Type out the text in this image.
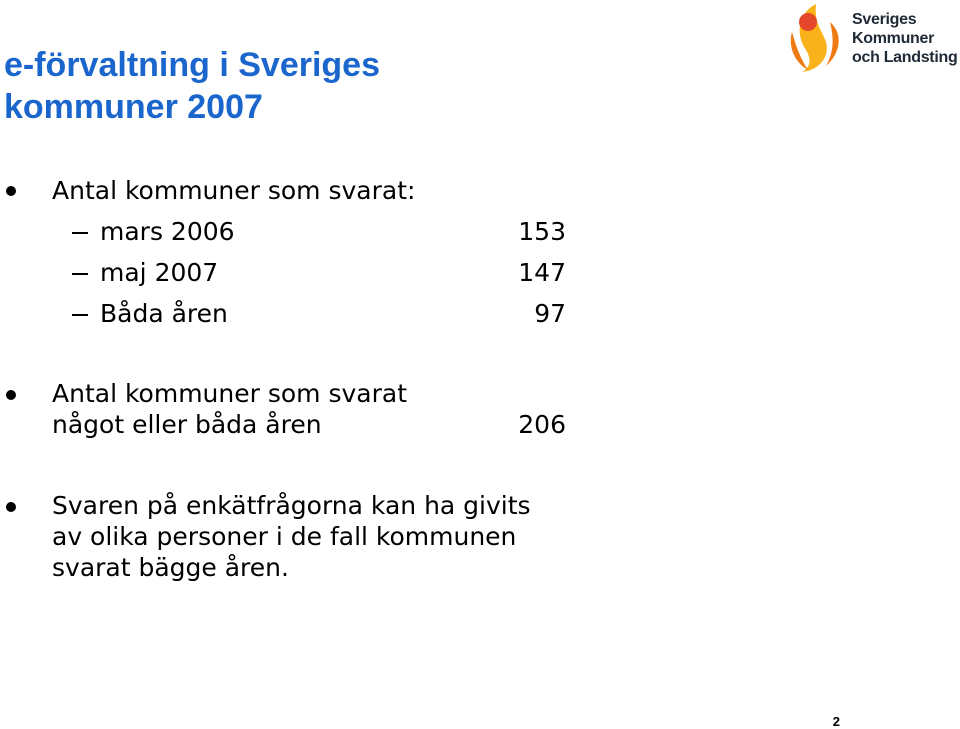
e-förvaltning i Sveriges
kommuner 2007
Sveriges
Kommuner
och Landsting
Antal kommuner som svarat:
mars 2006	153
maj 2007	147
Båda åren	97
Antal kommuner som svarat
något eller båda åren	206
Svaren på enkätfrågorna kan ha givits
av olika personer i de fall kommunen
svarat bägge åren.
2
